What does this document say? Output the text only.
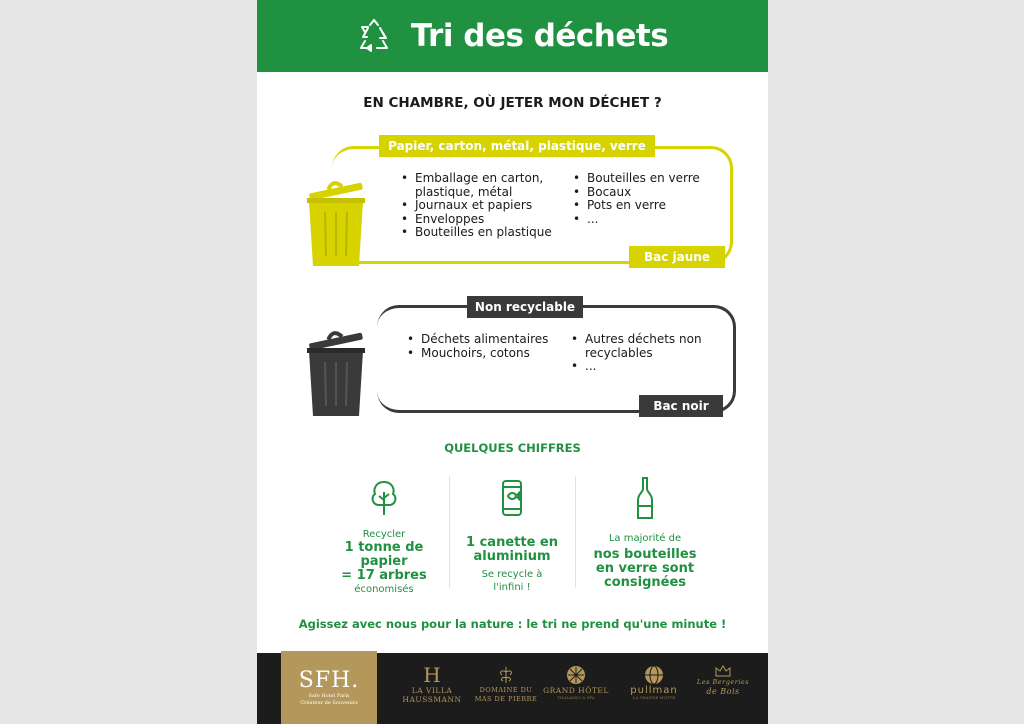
Tri des déchets
EN CHAMBRE, OÙ JETER MON DÉCHET ?
Papier, carton, métal, plastique, verre
Bac jaune
• Emballage en carton, plastique, métal
• Journaux et papiers
• Enveloppes
• Bouteilles en plastique
• Bouteilles en verre
• Bocaux
• Pots en verre
• ...
Non recyclable
Bac noir
• Déchets alimentaires
• Mouchoirs, cotons
• Autres déchets non recyclables
• ...
QUELQUES CHIFFRES
Recycler
1 tonne de
papier
= 17 arbres
économisés
1 canette en
aluminium
Se recycle à
l'infini !
La majorité de
nos bouteilles
en verre sont
consignées
Agissez avec nous pour la nature : le tri ne prend qu'une minute !
SFH.
Safe Hotel Paris
Créateur de Souvenirs
H
LA VILLA
HAUSSMANN
DOMAINE DU
MAS DE PIERRE
GRAND HÔTEL
THALASSO & SPA
pullman
LA GRANDE MOTTE
Les Bergeries
de Bois
